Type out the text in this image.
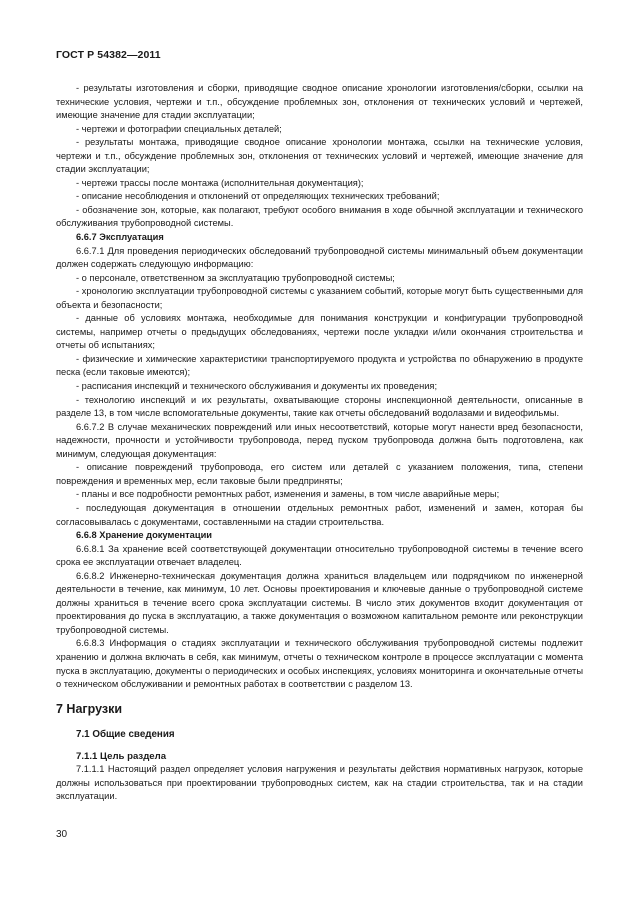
ГОСТ Р 54382—2011

- результаты изготовления и сборки, приводящие сводное описание хронологии изготовления/сборки, ссылки на технические условия, чертежи и т.п., обсуждение проблемных зон, отклонения от технических условий и чертежей, имеющие значение для стадии эксплуатации;

- чертежи и фотографии специальных деталей;

- результаты монтажа, приводящие сводное описание хронологии монтажа, ссылки на технические условия, чертежи и т.п., обсуждение проблемных зон, отклонения от технических условий и чертежей, имеющие значение для стадии эксплуатации;

- чертежи трассы после монтажа (исполнительная документация);

- описание несоблюдения и отклонений от определяющих технических требований;

- обозначение зон, которые, как полагают, требуют особого внимания в ходе обычной эксплуатации и технического обслуживания трубопроводной системы.

6.6.7 Эксплуатация

6.6.7.1 Для проведения периодических обследований трубопроводной системы минимальный объем документации должен содержать следующую информацию:

- о персонале, ответственном за эксплуатацию трубопроводной системы;

- хронологию эксплуатации трубопроводной системы с указанием событий, которые могут быть существенными для объекта и безопасности;

- данные об условиях монтажа, необходимые для понимания конструкции и конфигурации трубопроводной системы, например отчеты о предыдущих обследованиях, чертежи после укладки и/или окончания строительства и отчеты об испытаниях;

- физические и химические характеристики транспортируемого продукта и устройства по обнаружению в продукте песка (если таковые имеются);

- расписания инспекций и технического обслуживания и документы их проведения;

- технологию инспекций и их результаты, охватывающие стороны инспекционной деятельности, описанные в разделе 13, в том числе вспомогательные документы, такие как отчеты обследований водолазами и видеофильмы.

6.6.7.2 В случае механических повреждений или иных несоответствий, которые могут нанести вред безопасности, надежности, прочности и устойчивости трубопровода, перед пуском трубопровода должна быть подготовлена, как минимум, следующая документация:

- описание повреждений трубопровода, его систем или деталей с указанием положения, типа, степени повреждения и временных мер, если таковые были предприняты;

- планы и все подробности ремонтных работ, изменения и замены, в том числе аварийные меры;

- последующая документация в отношении отдельных ремонтных работ, изменений и замен, которая бы согласовывалась с документами, составленными на стадии строительства.

6.6.8 Хранение документации

6.6.8.1 За хранение всей соответствующей документации относительно трубопроводной системы в течение всего срока ее эксплуатации отвечает владелец.

6.6.8.2 Инженерно-техническая документация должна храниться владельцем или подрядчиком по инженерной деятельности в течение, как минимум, 10 лет. Основы проектирования и ключевые данные о трубопроводной системе должны храниться в течение всего срока эксплуатации системы. В число этих документов входит документация от проектирования до пуска в эксплуатацию, а также документация о возможном капитальном ремонте или реконструкции трубопроводной системы.

6.6.8.3 Информация о стадиях эксплуатации и технического обслуживания трубопроводной системы подлежит хранению и должна включать в себя, как минимум, отчеты о техническом контроле в процессе эксплуатации с момента пуска в эксплуатацию, документы о периодических и особых инспекциях, условиях мониторинга и окончательные отчеты о техническом обслуживании и ремонтных работах в соответствии с разделом 13.

7 Нагрузки

7.1 Общие сведения

7.1.1 Цель раздела

7.1.1.1 Настоящий раздел определяет условия нагружения и результаты действия нормативных нагрузок, которые должны использоваться при проектировании трубопроводных систем, как на стадии строительства, так и на стадии эксплуатации.

30
